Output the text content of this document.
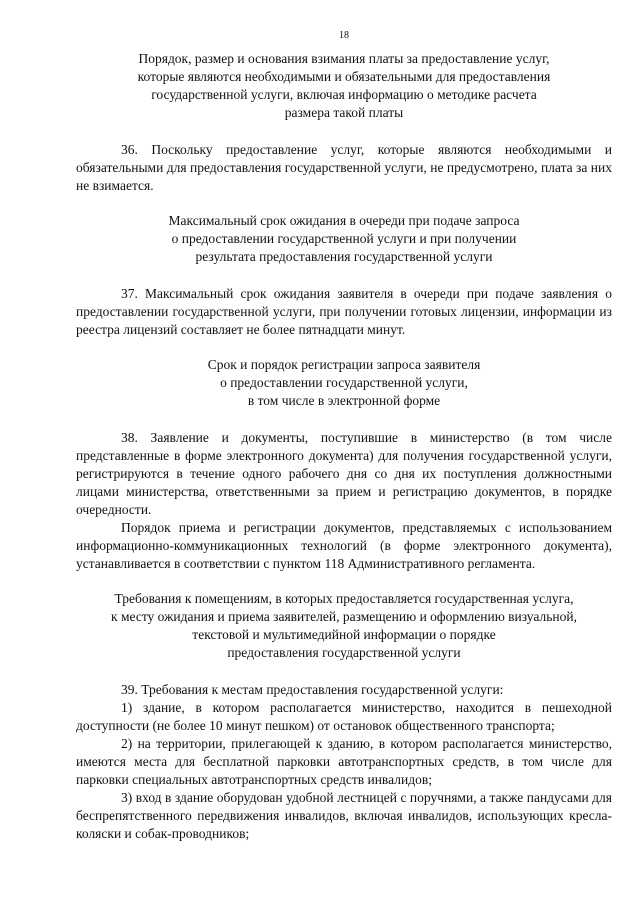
18
Порядок, размер и основания взимания платы за предоставление услуг,
которые являются необходимыми и обязательными для предоставления
государственной услуги, включая информацию о методике расчета
размера такой платы

36. Поскольку предоставление услуг, которые являются необходимыми и обязательными для предоставления государственной услуги, не предусмотрено, плата за них не взимается.

Максимальный срок ожидания в очереди при подаче запроса
о предоставлении государственной услуги и при получении
результата предоставления государственной услуги

37. Максимальный срок ожидания заявителя в очереди при подаче заявления о предоставлении государственной услуги, при получении готовых лицензии, информации из реестра лицензий составляет не более пятнадцати минут.

Срок и порядок регистрации запроса заявителя
о предоставлении государственной услуги,
в том числе в электронной форме

38. Заявление и документы, поступившие в министерство (в том числе представленные в форме электронного документа) для получения государственной услуги, регистрируются в течение одного рабочего дня со дня их поступления должностными лицами министерства, ответственными за прием и регистрацию документов, в порядке очередности.

Порядок приема и регистрации документов, представляемых с использованием информационно-коммуникационных технологий (в форме электронного документа), устанавливается в соответствии с пунктом 118 Административного регламента.

Требования к помещениям, в которых предоставляется государственная услуга,
к месту ожидания и приема заявителей, размещению и оформлению визуальной,
текстовой и мультимедийной информации о порядке
предоставления государственной услуги

39. Требования к местам предоставления государственной услуги:

1) здание, в котором располагается министерство, находится в пешеходной доступности (не более 10 минут пешком) от остановок общественного транспорта;

2) на территории, прилегающей к зданию, в котором располагается министерство, имеются места для бесплатной парковки автотранспортных средств, в том числе для парковки специальных автотранспортных средств инвалидов;

3) вход в здание оборудован удобной лестницей с поручнями, а также пандусами для беспрепятственного передвижения инвалидов, включая инвалидов, использующих кресла-коляски и собак-проводников;
